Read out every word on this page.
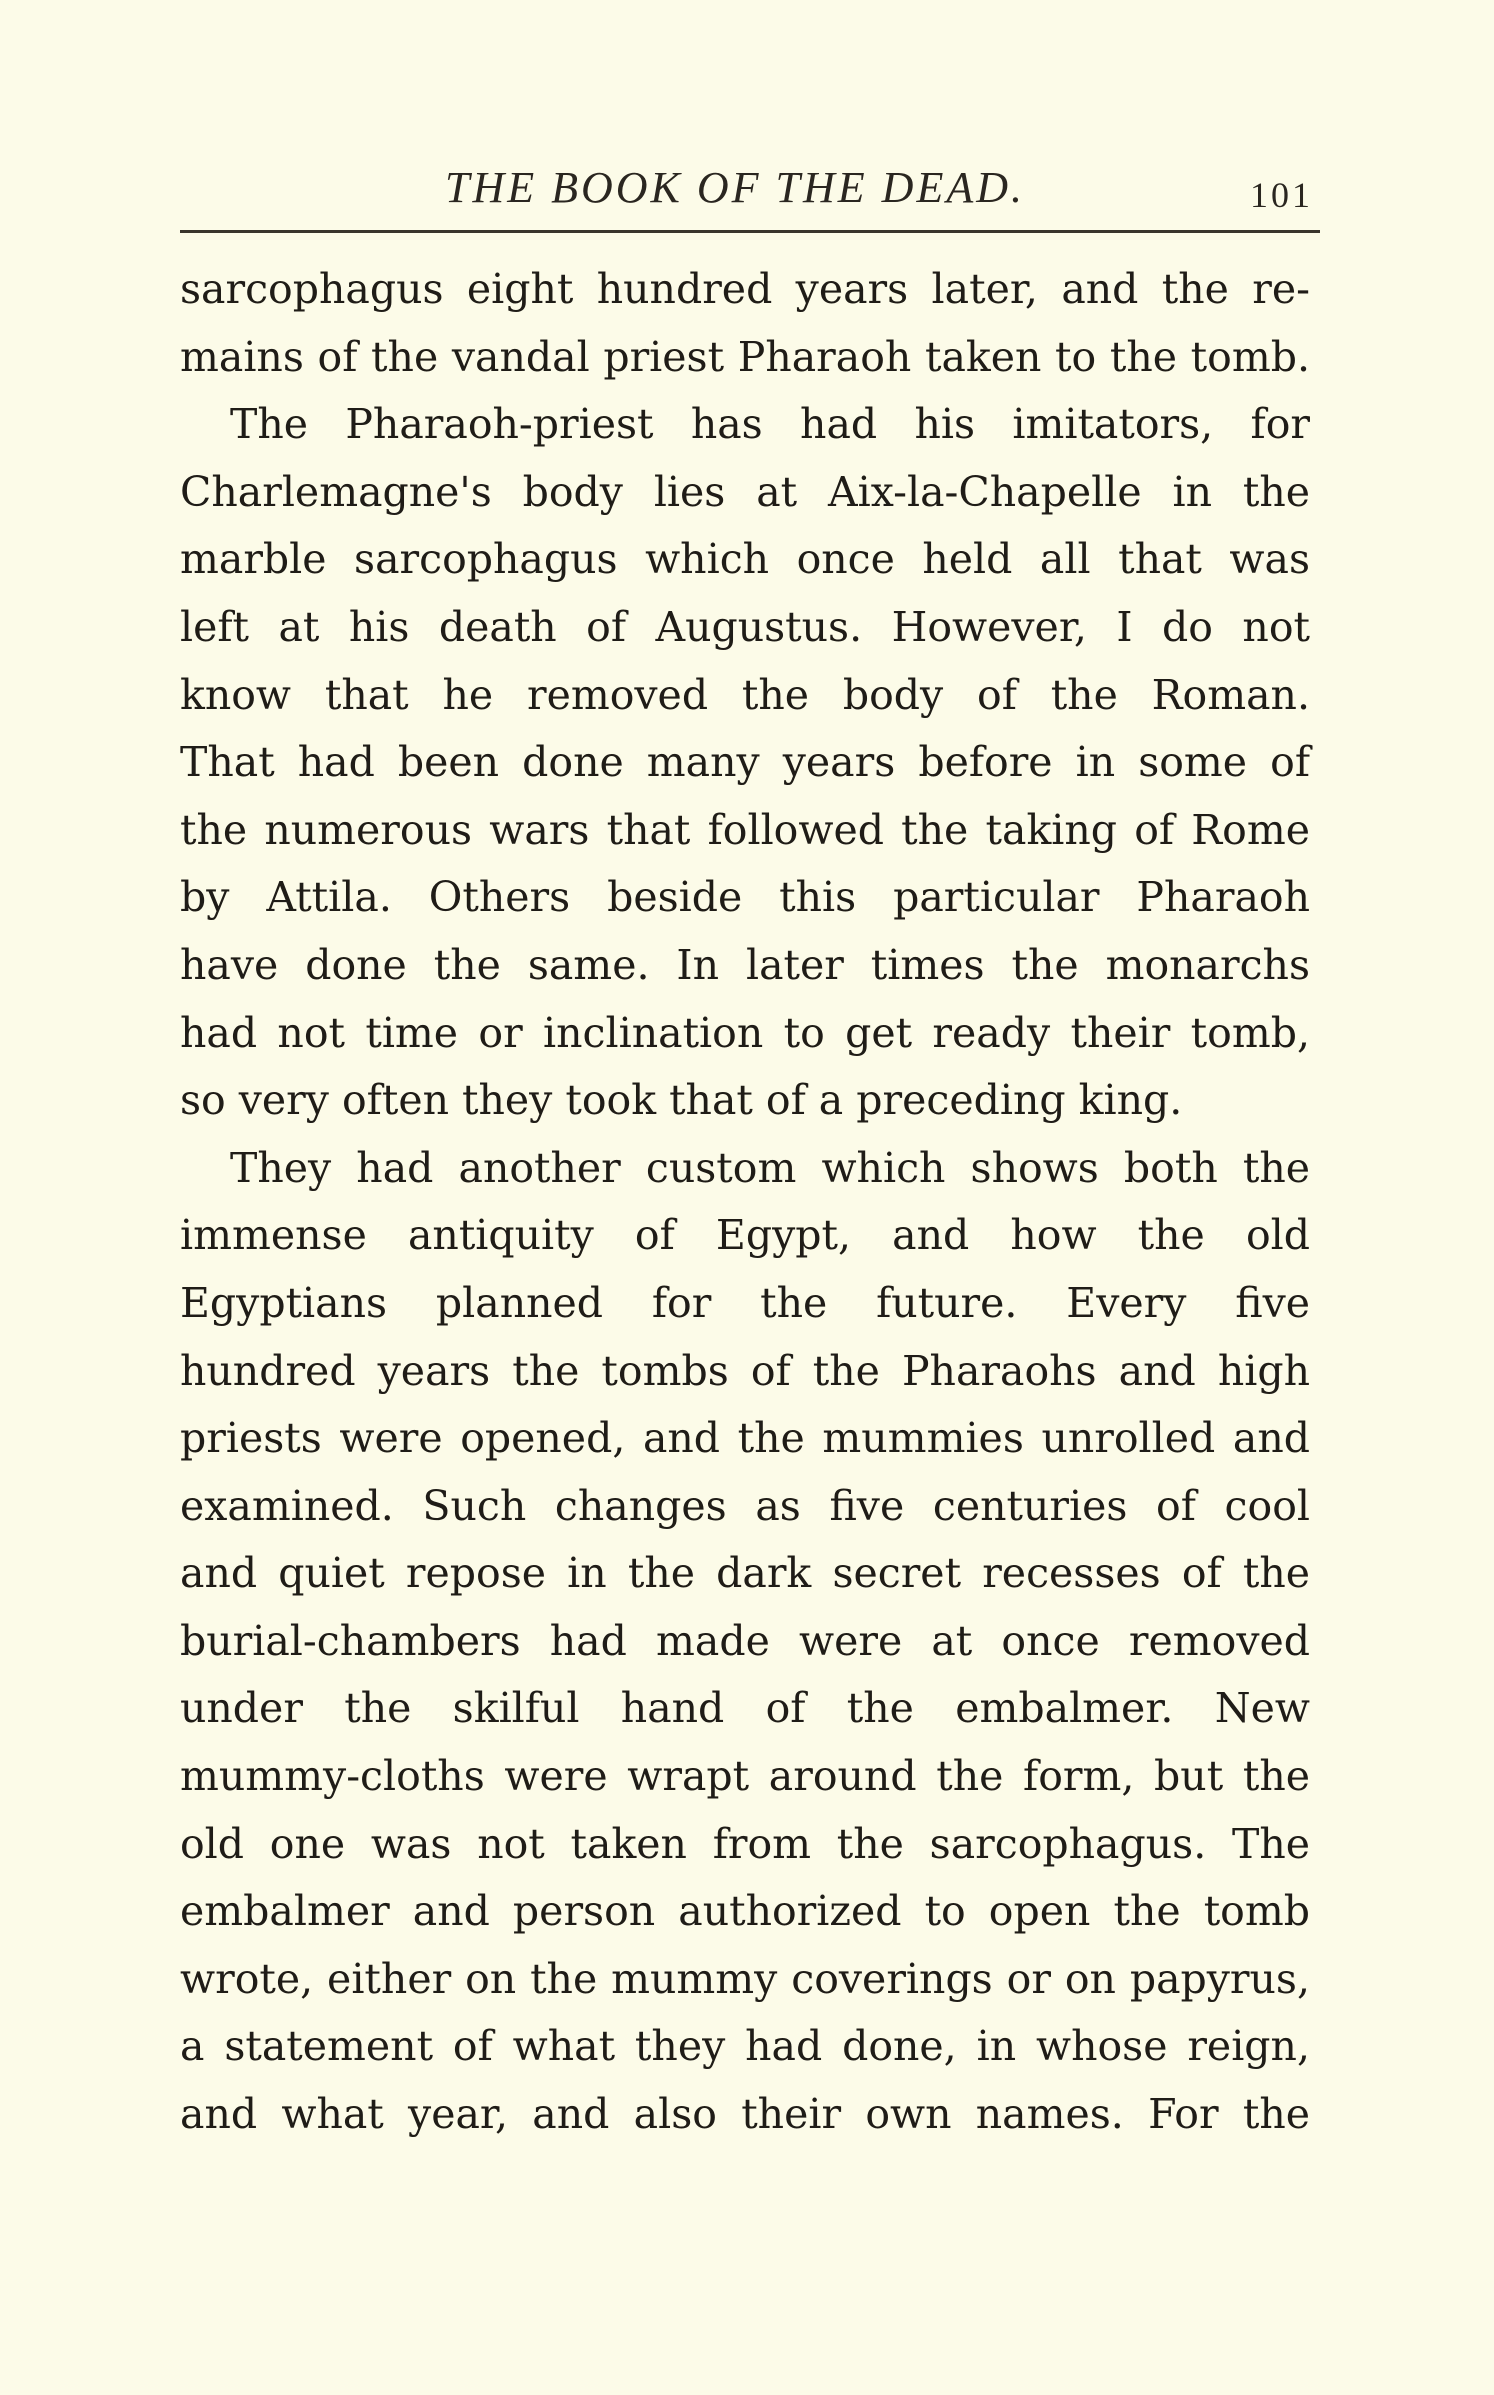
THE BOOK OF THE DEAD.	101
sarcophagus eight hundred years later, and the re-
mains of the vandal priest Pharaoh taken to the tomb.
The Pharaoh-priest has had his imitators, for
Charlemagne's body lies at Aix-la-Chapelle in the
marble sarcophagus which once held all that was
left at his death of Augustus. However, I do not
know that he removed the body of the Roman.
That had been done many years before in some of
the numerous wars that followed the taking of Rome
by Attila. Others beside this particular Pharaoh
have done the same. In later times the monarchs
had not time or inclination to get ready their tomb,
so very often they took that of a preceding king.
They had another custom which shows both the
immense antiquity of Egypt, and how the old
Egyptians planned for the future. Every five
hundred years the tombs of the Pharaohs and high
priests were opened, and the mummies unrolled and
examined. Such changes as five centuries of cool
and quiet repose in the dark secret recesses of the
burial-chambers had made were at once removed
under the skilful hand of the embalmer. New
mummy-cloths were wrapt around the form, but the
old one was not taken from the sarcophagus. The
embalmer and person authorized to open the tomb
wrote, either on the mummy coverings or on papyrus,
a statement of what they had done, in whose reign,
and what year, and also their own names. For the
